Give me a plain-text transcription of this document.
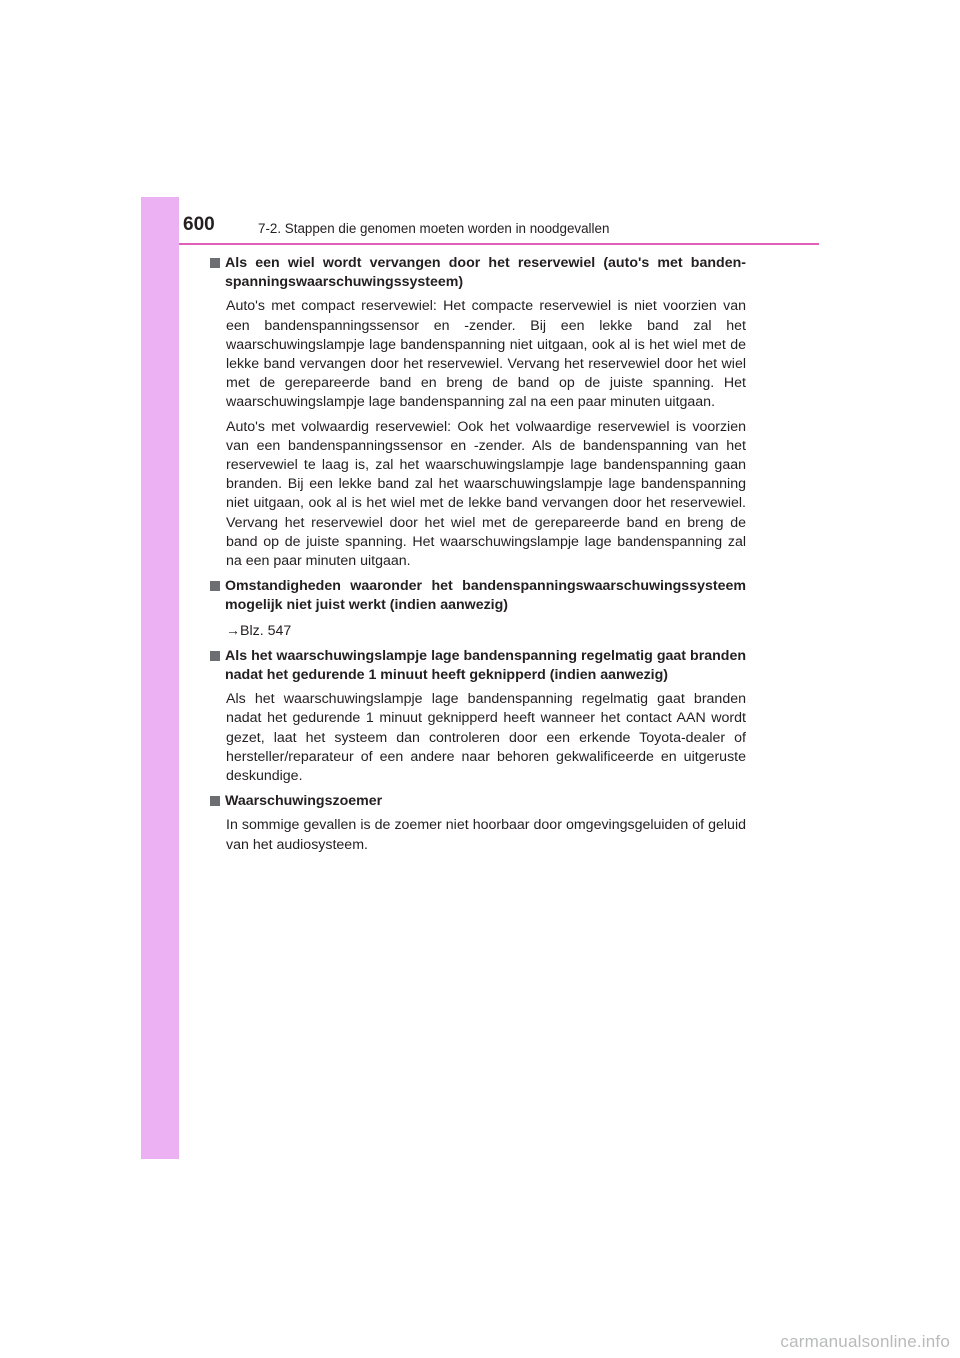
600	7-2. Stappen die genomen moeten worden in noodgevallen
Als een wiel wordt vervangen door het reservewiel (auto's met bandenspanningswaarschuwingssysteem)

Auto's met compact reservewiel: Het compacte reservewiel is niet voorzien van een bandenspanningssensor en -zender. Bij een lekke band zal het waarschuwingslampje lage bandenspanning niet uitgaan, ook al is het wiel met de lekke band vervangen door het reservewiel. Vervang het reservewiel door het wiel met de gerepareerde band en breng de band op de juiste spanning. Het waarschuwingslampje lage bandenspanning zal na een paar minuten uitgaan.

Auto's met volwaardig reservewiel: Ook het volwaardige reservewiel is voorzien van een bandenspanningssensor en -zender. Als de bandenspanning van het reservewiel te laag is, zal het waarschuwingslampje lage bandenspanning gaan branden. Bij een lekke band zal het waarschuwingslampje lage bandenspanning niet uitgaan, ook al is het wiel met de lekke band vervangen door het reservewiel. Vervang het reservewiel door het wiel met de gerepareerde band en breng de band op de juiste spanning. Het waarschuwingslampje lage bandenspanning zal na een paar minuten uitgaan.

Omstandigheden waaronder het bandenspanningswaarschuwingssysteem mogelijk niet juist werkt (indien aanwezig)

→Blz. 547

Als het waarschuwingslampje lage bandenspanning regelmatig gaat branden nadat het gedurende 1 minuut heeft geknipperd (indien aanwezig)

Als het waarschuwingslampje lage bandenspanning regelmatig gaat branden nadat het gedurende 1 minuut geknipperd heeft wanneer het contact AAN wordt gezet, laat het systeem dan controleren door een erkende Toyota-dealer of hersteller/reparateur of een andere naar behoren gekwalificeerde en uitgeruste deskundige.

Waarschuwingszoemer

In sommige gevallen is de zoemer niet hoorbaar door omgevingsgeluiden of geluid van het audiosysteem.

carmanualsonline.info
